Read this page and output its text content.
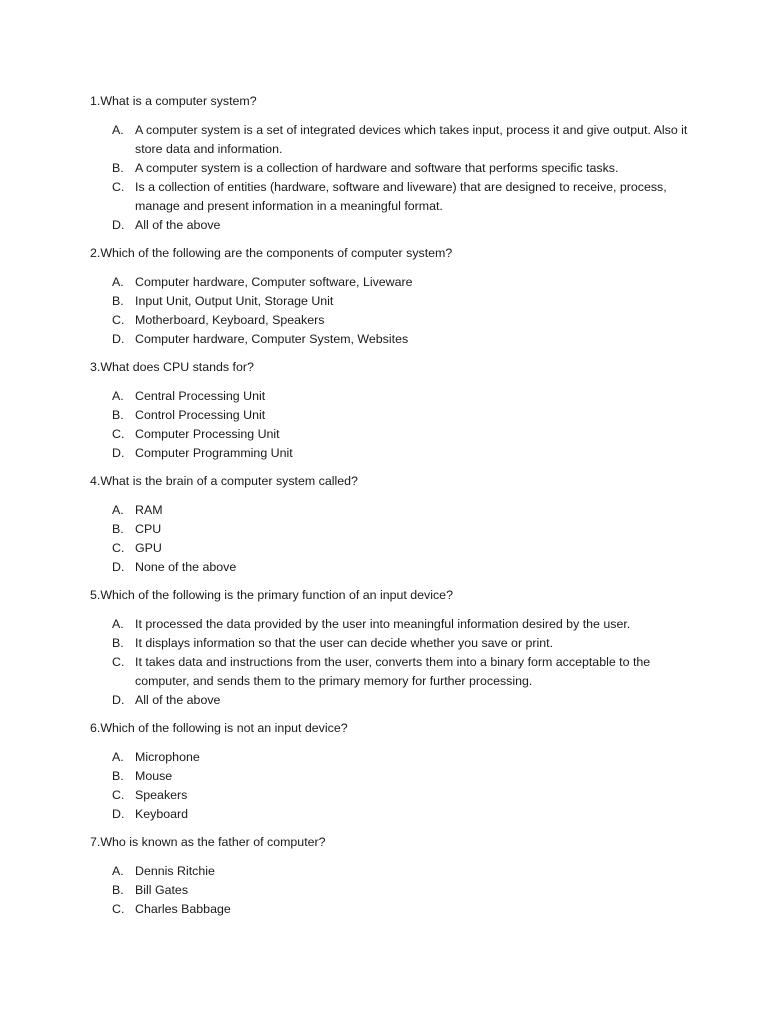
1.What is a computer system?

A. A computer system is a set of integrated devices which takes input, process it and give output. Also it store data and information.
B. A computer system is a collection of hardware and software that performs specific tasks.
C. Is a collection of entities (hardware, software and liveware) that are designed to receive, process, manage and present information in a meaningful format.
D. All of the above

2.Which of the following are the components of computer system?

A. Computer hardware, Computer software, Liveware
B. Input Unit, Output Unit, Storage Unit
C. Motherboard, Keyboard, Speakers
D. Computer hardware, Computer System, Websites

3.What does CPU stands for?

A. Central Processing Unit
B. Control Processing Unit
C. Computer Processing Unit
D. Computer Programming Unit

4.What is the brain of a computer system called?

A. RAM
B. CPU
C. GPU
D. None of the above

5.Which of the following is the primary function of an input device?

A. It processed the data provided by the user into meaningful information desired by the user.
B. It displays information so that the user can decide whether you save or print.
C. It takes data and instructions from the user, converts them into a binary form acceptable to the computer, and sends them to the primary memory for further processing.
D. All of the above

6.Which of the following is not an input device?

A. Microphone
B. Mouse
C. Speakers
D. Keyboard

7.Who is known as the father of computer?

A. Dennis Ritchie
B. Bill Gates
C. Charles Babbage
